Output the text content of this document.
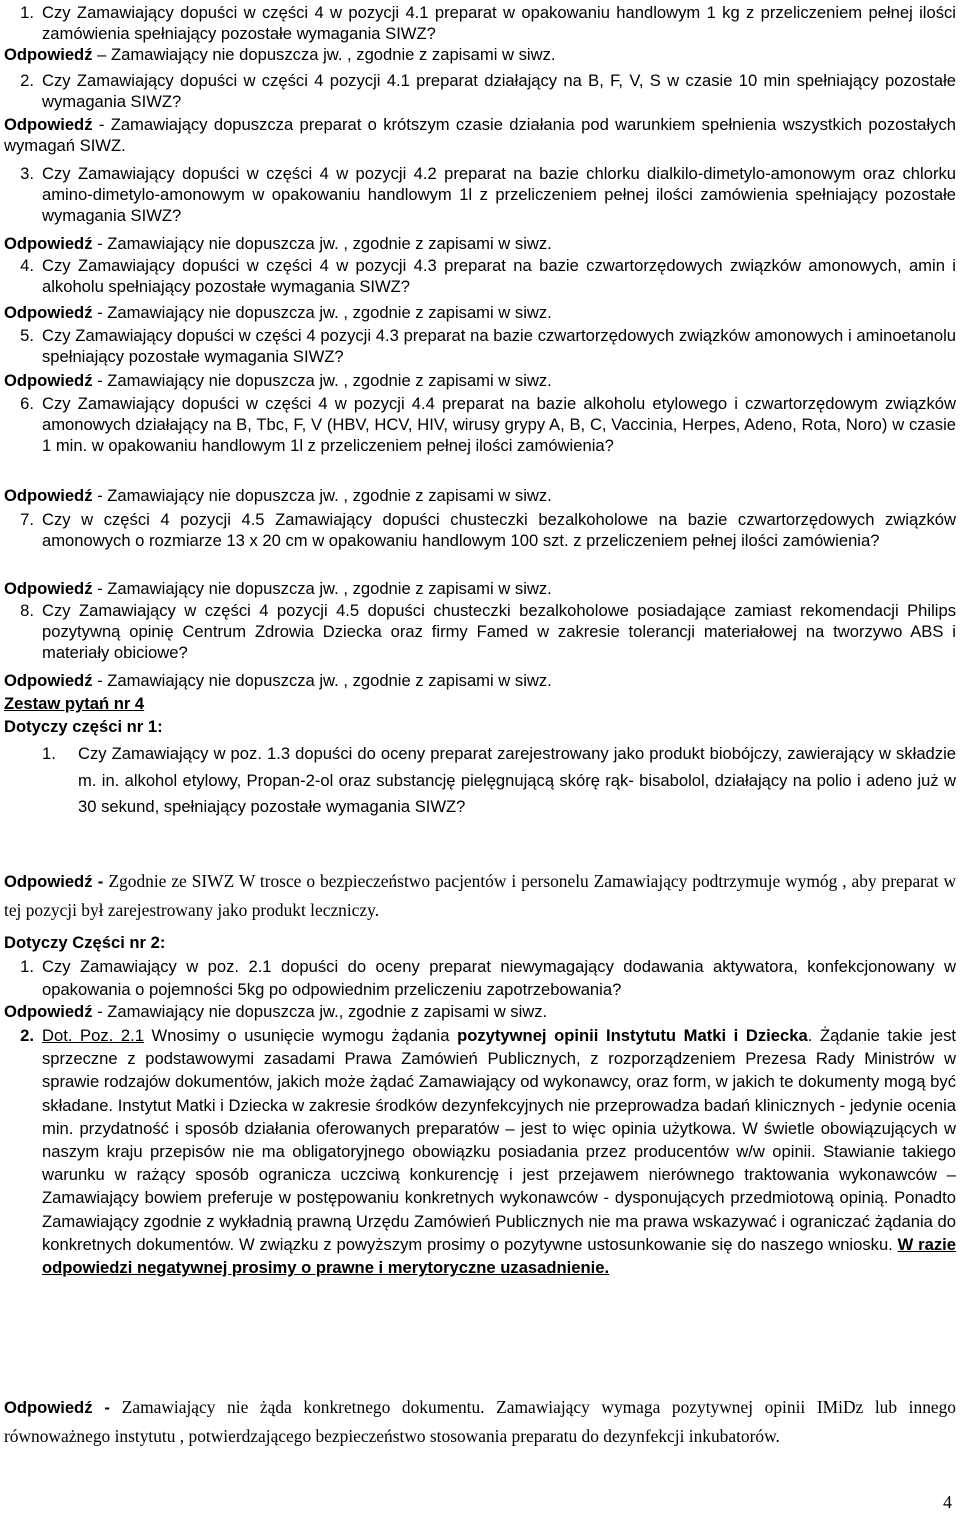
1. Czy Zamawiający dopuści w części 4 w pozycji 4.1 preparat w opakowaniu handlowym 1 kg z przeliczeniem pełnej ilości zamówienia spełniający pozostałe wymagania SIWZ?
Odpowiedź – Zamawiający nie dopuszcza jw. , zgodnie z zapisami w siwz.
2. Czy Zamawiający dopuści w części 4 pozycji 4.1 preparat działający na B, F, V, S w czasie 10 min spełniający pozostałe wymagania SIWZ?
Odpowiedź - Zamawiający dopuszcza preparat o krótszym czasie działania pod warunkiem spełnienia wszystkich pozostałych wymagań SIWZ.
3. Czy Zamawiający dopuści w części 4 w pozycji 4.2 preparat na bazie chlorku dialkilo-dimetylo-amonowym oraz chlorku amino-dimetylo-amonowym w opakowaniu handlowym 1l z przeliczeniem pełnej ilości zamówienia spełniający pozostałe wymagania SIWZ?
Odpowiedź - Zamawiający nie dopuszcza jw. , zgodnie z zapisami w siwz.
4. Czy Zamawiający dopuści w części 4 w pozycji 4.3 preparat na bazie czwartorzędowych związków amonowych, amin i alkoholu spełniający pozostałe wymagania SIWZ?
Odpowiedź - Zamawiający nie dopuszcza jw. , zgodnie z zapisami w siwz.
5. Czy Zamawiający dopuści w części 4 pozycji 4.3 preparat na bazie czwartorzędowych związków amonowych i aminoetanolu spełniający pozostałe wymagania SIWZ?
Odpowiedź - Zamawiający nie dopuszcza jw. , zgodnie z zapisami w siwz.
6. Czy Zamawiający dopuści w części 4 w pozycji 4.4 preparat na bazie alkoholu etylowego i czwartorzędowym związków amonowych działający na B, Tbc, F, V (HBV, HCV, HIV, wirusy grypy A, B, C, Vaccinia, Herpes, Adeno, Rota, Noro) w czasie 1 min. w opakowaniu handlowym 1l z przeliczeniem pełnej ilości zamówienia?
Odpowiedź - Zamawiający nie dopuszcza jw. , zgodnie z zapisami w siwz.
7. Czy w części 4 pozycji 4.5 Zamawiający dopuści chusteczki bezalkoholowe na bazie czwartorzędowych związków amonowych o rozmiarze 13 x 20 cm w opakowaniu handlowym 100 szt. z przeliczeniem pełnej ilości zamówienia?
Odpowiedź - Zamawiający nie dopuszcza jw. , zgodnie z zapisami w siwz.
8. Czy Zamawiający w części 4 pozycji 4.5 dopuści chusteczki bezalkoholowe posiadające zamiast rekomendacji Philips pozytywną opinię Centrum Zdrowia Dziecka oraz firmy Famed w zakresie tolerancji materiałowej na tworzywo ABS i materiały obiciowe?
Odpowiedź - Zamawiający nie dopuszcza jw. , zgodnie z zapisami w siwz.
Zestaw pytań nr 4
Dotyczy części nr 1:
1. Czy Zamawiający w poz. 1.3 dopuści do oceny preparat zarejestrowany jako produkt biobójczy, zawierający w składzie m. in. alkohol etylowy, Propan-2-ol oraz substancję pielęgnującą skórę rąk- bisabolol, działający na polio i adeno już w 30 sekund, spełniający pozostałe wymagania SIWZ?
Odpowiedź - Zgodnie ze SIWZ W trosce o bezpieczeństwo pacjentów i personelu Zamawiający podtrzymuje wymóg , aby preparat w tej pozycji był zarejestrowany jako produkt leczniczy.
Dotyczy Części nr 2:
1. Czy Zamawiający w poz. 2.1 dopuści do oceny preparat niewymagający dodawania aktywatora, konfekcjonowany w opakowania o pojemności 5kg po odpowiednim przeliczeniu zapotrzebowania?
Odpowiedź - Zamawiający nie dopuszcza jw., zgodnie z zapisami w siwz.
2. Dot. Poz. 2.1 Wnosimy o usunięcie wymogu żądania pozytywnej opinii Instytutu Matki i Dziecka. Żądanie takie jest sprzeczne z podstawowymi zasadami Prawa Zamówień Publicznych, z rozporządzeniem Prezesa Rady Ministrów w sprawie rodzajów dokumentów, jakich może żądać Zamawiający od wykonawcy, oraz form, w jakich te dokumenty mogą być składane. Instytut Matki i Dziecka w zakresie środków dezynfekcyjnych nie przeprowadza badań klinicznych - jedynie ocenia min. przydatność i sposób działania oferowanych preparatów – jest to więc opinia użytkowa. W świetle obowiązujących w naszym kraju przepisów nie ma obligatoryjnego obowiązku posiadania przez producentów w/w opinii. Stawianie takiego warunku w rażący sposób ogranicza uczciwą konkurencję i jest przejawem nierównego traktowania wykonawców – Zamawiający bowiem preferuje w postępowaniu konkretnych wykonawców - dysponujących przedmiotową opinią. Ponadto Zamawiający zgodnie z wykładnią prawną Urzędu Zamówień Publicznych nie ma prawa wskazywać i ograniczać żądania do konkretnych dokumentów. W związku z powyższym prosimy o pozytywne ustosunkowanie się do naszego wniosku. W razie odpowiedzi negatywnej prosimy o prawne i merytoryczne uzasadnienie.
Odpowiedź - Zamawiający nie żąda konkretnego dokumentu. Zamawiający wymaga pozytywnej opinii IMiDz lub innego równoważnego instytutu , potwierdzającego bezpieczeństwo stosowania preparatu do dezynfekcji inkubatorów.
4
